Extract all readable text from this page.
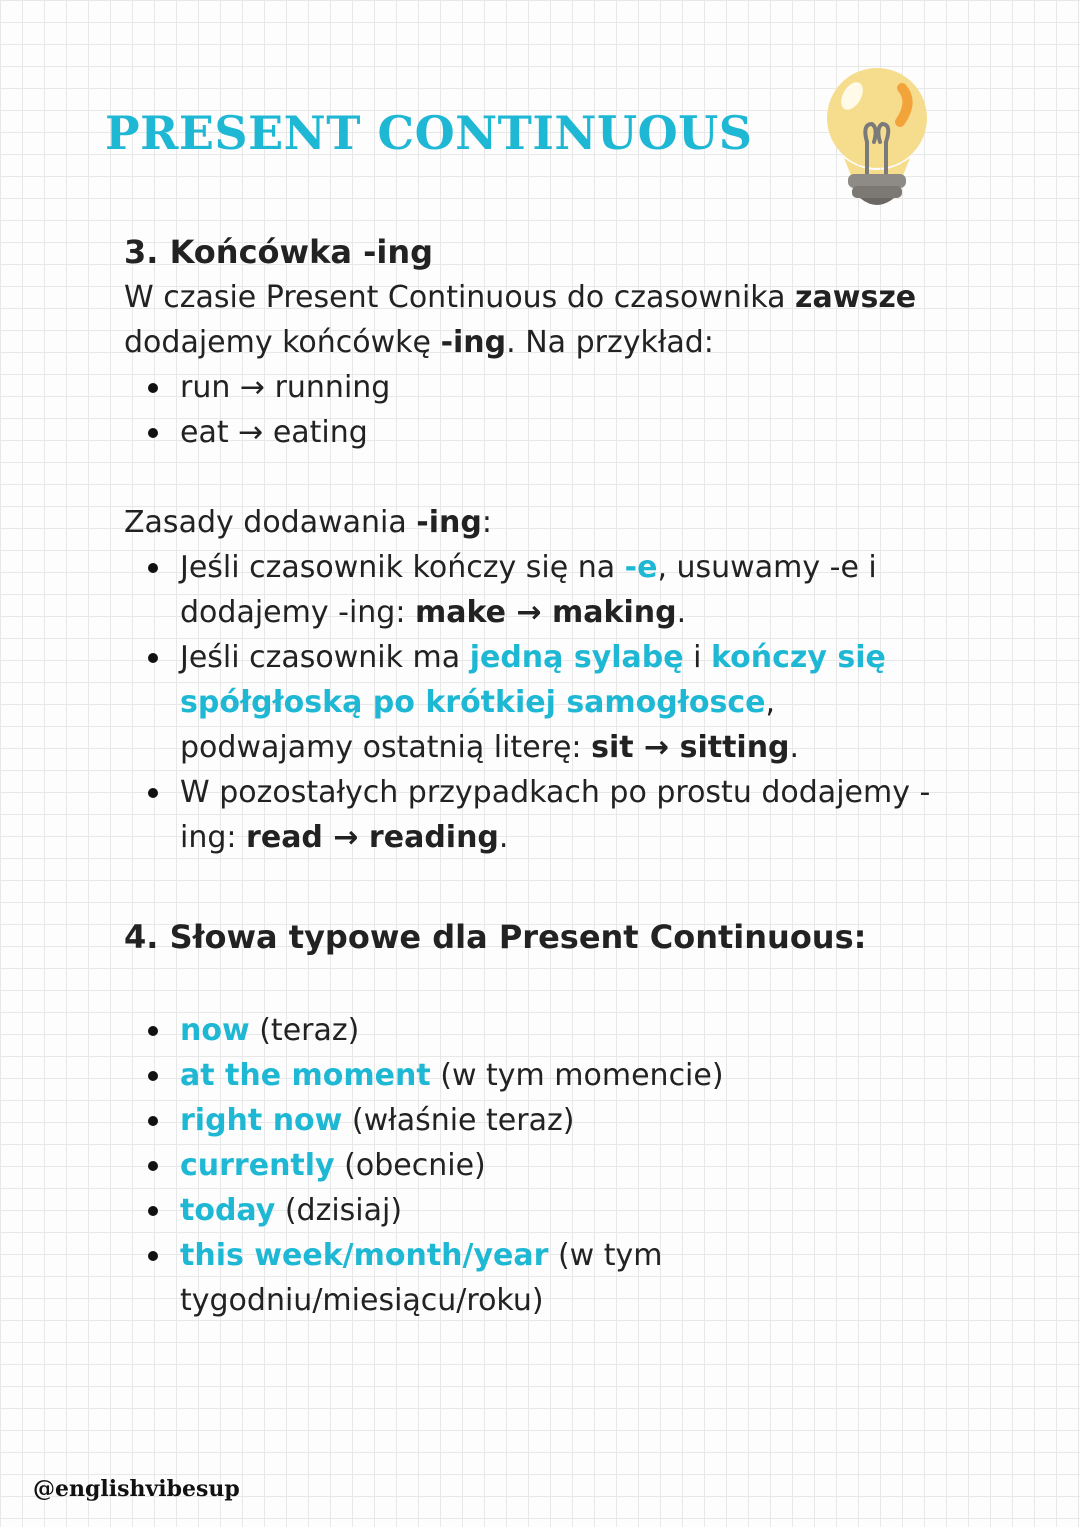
PRESENT CONTINUOUS
3. Końcówka -ing

W czasie Present Continuous do czasownika zawsze dodajemy końcówkę -ing. Na przykład:

run → running
eat → eating

Zasady dodawania -ing:

Jeśli czasownik kończy się na -e, usuwamy -e i dodajemy -ing: make → making.
Jeśli czasownik ma jedną sylabę i kończy się spółgłoską po krótkiej samogłosce, podwajamy ostatnią literę: sit → sitting.
W pozostałych przypadkach po prostu dodajemy -ing: read → reading.
4. Słowa typowe dla Present Continuous:
now (teraz)
at the moment (w tym momencie)
right now (właśnie teraz)
currently (obecnie)
today (dzisiaj)
this week/month/year (w tym tygodniu/miesiącu/roku)
@englishvibesup
